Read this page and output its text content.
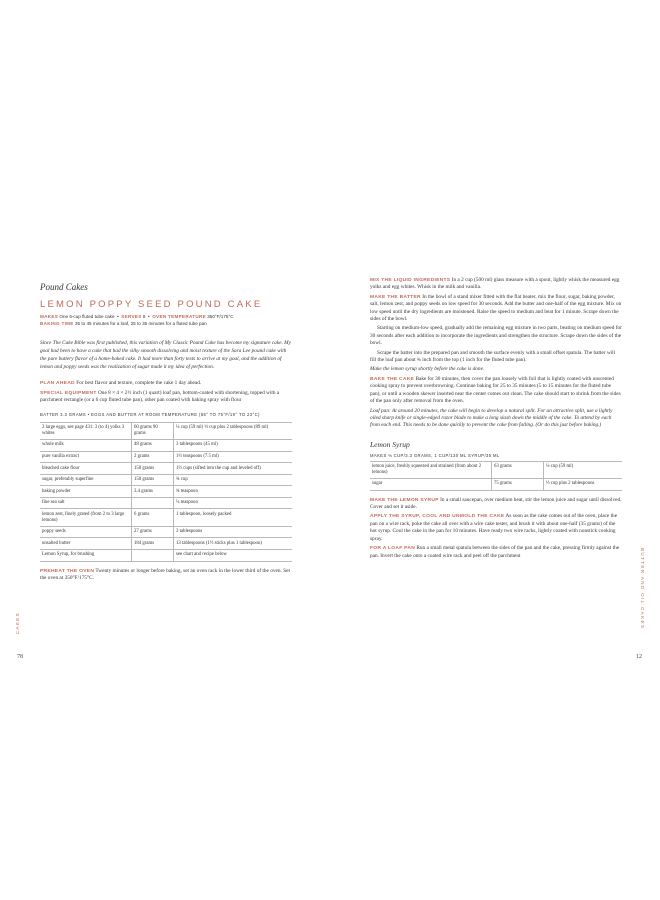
CAKES
78
Pound Cakes
LEMON POPPY SEED POUND CAKE
MAKES One 5-cup fluted tube cake  •  SERVES 8  •  OVEN TEMPERATURE 350°F/175°C
BAKING TIME 35 to 45 minutes for a loaf, 25 to 35 minutes for a fluted tube pan
Since The Cake Bible was first published, this variation of My Classic Pound Cake has become my signature cake. My goal had been to have a cake that had the silky smooth dissolving and moist texture of the Sara Lee pound cake with the pure buttery flavor of a home-baked cake. It had more than forty tests to arrive at my goal, and the addition of lemon and poppy seeds was the realization of sugar made it my idea of perfection.
PLAN AHEAD For best flavor and texture, complete the cake 1 day ahead.
SPECIAL EQUIPMENT One 8 × 4 × 2½ inch (1 quart) loaf pan, bottom-coated with shortening, topped with a parchment rectangle (or a 6 cup fluted tube pan), other pan coated with baking spray with flour
BATTER 3.3 GRAMS • EGGS AND BUTTER AT ROOM TEMPERATURE (65° TO 75°F/19° TO 23°C)
3 large eggs, see page 431: 3 (to 4) yolks 3 whites	60 grams 90 grams	¼ cup (59 ml) ⅓ cup plus 2 tablespoons (89 ml)
whole milk	48 grams	3 tablespoons (45 ml)
pure vanilla extract	2 grams	1½ teaspoons (7.5 ml)
bleached cake flour	150 grams	1½ cups (sifted into the cup and leveled off)
sugar, preferably superfine	150 grams	¾ cup
baking powder	3.4 grams	¾ teaspoon
fine sea salt		¼ teaspoon
lemon zest, finely grated (from 2 to 3 large lemons)	6 grams	1 tablespoon, loosely packed
poppy seeds	27 grams	3 tablespoons
unsalted butter	184 grams	13 tablespoons (1½ sticks plus 1 tablespoon)
Lemon Syrup, for brushing		see chart and recipe below
PREHEAT THE OVEN Twenty minutes or longer before baking, set an oven rack in the lower third of the oven. Set the oven at 350°F/175°C.	BUTTER AND OIL CAKES
12
MIX THE LIQUID INGREDIENTS In a 2 cup (500 ml) glass measure with a spout, lightly whisk the measured egg yolks and egg whites. Whisk in the milk and vanilla.
MAKE THE BATTER In the bowl of a stand mixer fitted with the flat beater, mix the flour, sugar, baking powder, salt, lemon zest, and poppy seeds on low speed for 30 seconds. Add the butter and one-half of the egg mixture. Mix on low speed until the dry ingredients are moistened. Raise the speed to medium and beat for 1 minute. Scrape down the sides of the bowl.
Starting on medium-low speed, gradually add the remaining egg mixture in two parts, beating on medium speed for 30 seconds after each addition to incorporate the ingredients and strengthen the structure. Scrape down the sides of the bowl.
Scrape the batter into the prepared pan and smooth the surface evenly with a small offset spatula. The batter will fill the loaf pan about ¾ inch from the top (1 inch for the fluted tube pan).
Make the lemon syrup shortly before the cake is done.
BAKE THE CAKE Bake for 30 minutes, then cover the pan loosely with foil that is lightly coated with unscented cooking spray to prevent overbrowning. Continue baking for 25 to 35 minutes (5 to 15 minutes for the fluted tube pan), or until a wooden skewer inserted near the center comes out clean. The cake should start to shrink from the sides of the pan only after removal from the oven.
Loaf pan: At around 20 minutes, the cake will begin to develop a natural split. For an attractive split, use a lightly oiled sharp knife or single-edged razor blade to make a long slash down the middle of the cake. To attend by each from each end. This needs to be done quickly to prevent the cake from falling. (Or do this just before baking.)
Lemon Syrup
MAKES ⅓ CUP/3.3 GRAMS, 1 CUP/130 ML SYRUP/35 ML
lemon juice, freshly squeezed and strained (from about 2 lemons)	63 grams	¼ cup (59 ml)
sugar	75 grams	⅓ cup plus 2 tablespoons
MAKE THE LEMON SYRUP In a small saucepan, over medium heat, stir the lemon juice and sugar until dissolved. Cover and set it aside.
APPLY THE SYRUP, COOL AND UNMOLD THE CAKE As soon as the cake comes out of the oven, place the pan on a wire rack, poke the cake all over with a wire cake tester, and brush it with about one-half (35 grams) of the hot syrup. Cool the cake in the pan for 10 minutes. Have ready two wire racks, lightly coated with nonstick cooking spray.
FOR A LOAF PAN Run a small metal spatula between the sides of the pan and the cake, pressing firmly against the pan. Invert the cake onto a coated wire rack and peel off the parchment
